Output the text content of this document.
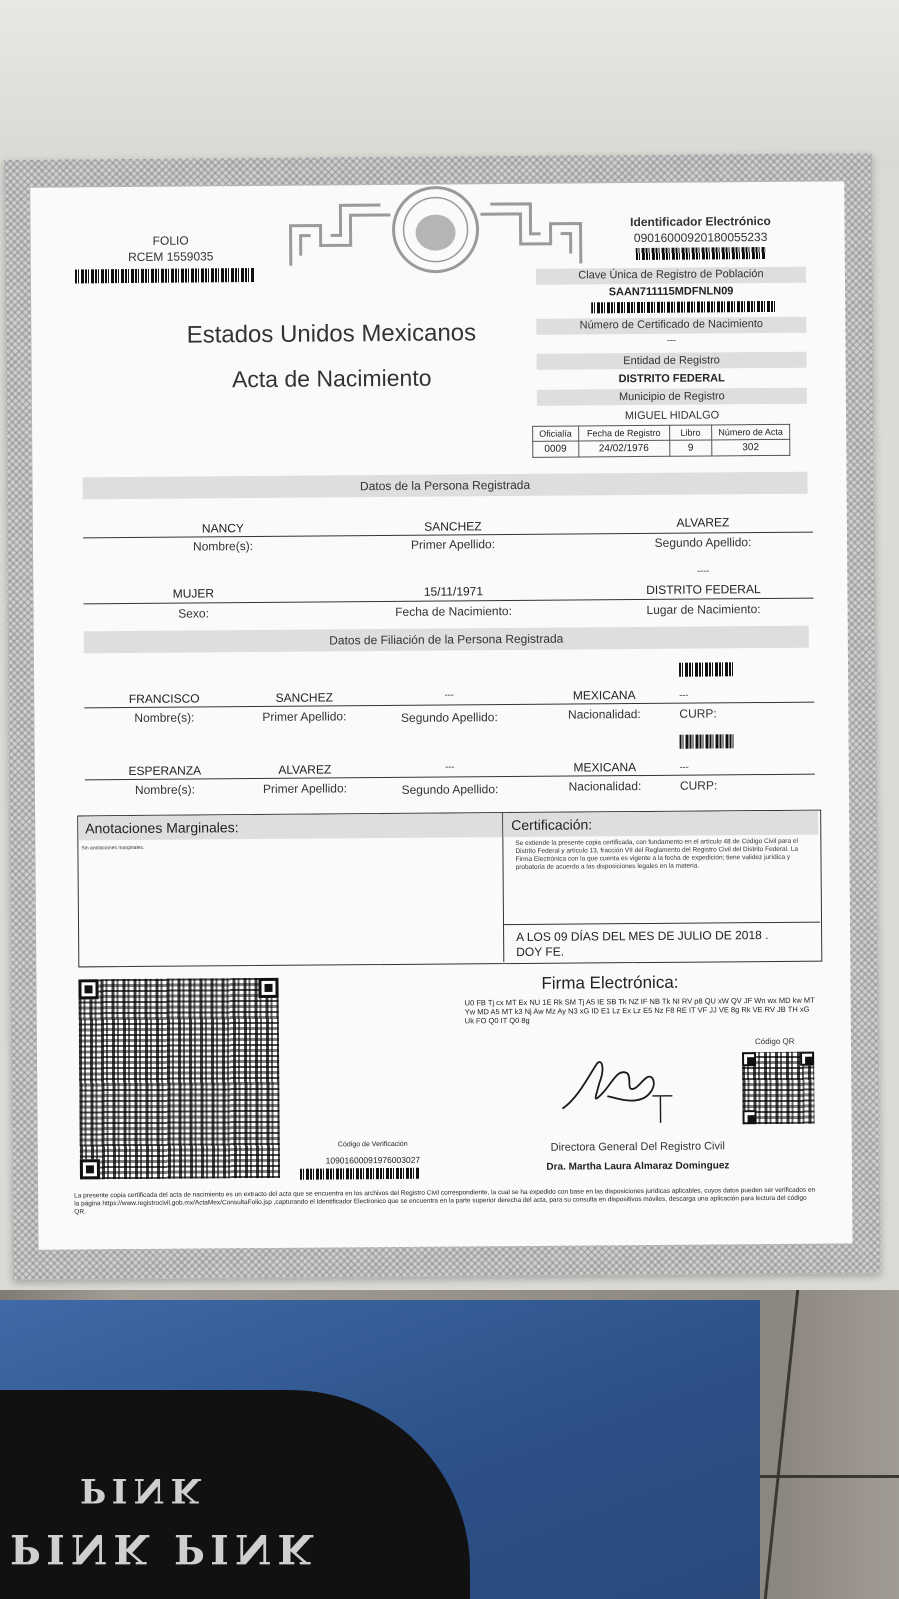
PINK
PINK PINK
FOLIO
RCEM 1559035
Estados Unidos Mexicanos
Acta de Nacimiento
Identificador Electrónico
09016000920180055233
Clave Única de Registro de Población
SAAN711115MDFNLN09
Número de Certificado de Nacimiento
---
Entidad de Registro
DISTRITO FEDERAL
Municipio de Registro
MIGUEL HIDALGO
Oficialía	Fecha de Registro	Libro	Número de Acta
0009	24/02/1976	9	302
Datos de la Persona Registrada
NANCY	SANCHEZ	ALVAREZ
Nombre(s):	Primer Apellido:	Segundo Apellido:
----
MUJER	15/11/1971	DISTRITO FEDERAL
Sexo:	Fecha de Nacimiento:	Lugar de Nacimiento:
Datos de Filiación de la Persona Registrada
FRANCISCO	SANCHEZ	---	MEXICANA
Nombre(s):	Primer Apellido:	Segundo Apellido:	Nacionalidad:
---
CURP:
ESPERANZA	ALVAREZ	---	MEXICANA
Nombre(s):	Primer Apellido:	Segundo Apellido:	Nacionalidad:
---
CURP:
Anotaciones Marginales:
Sin anotaciones marginales.
Certificación:
Se extiende la presente copia certificada, con fundamento en el artículo 48 de Código Civil para el Distrito Federal y artículo 13, fracción VII del Reglamento del Registro Civil del Distrito Federal. La Firma Electrónica con la que cuenta es vigente a la fecha de expedición; tiene validez jurídica y probatoria de acuerdo a las disposiciones legales en la materia.
A LOS 09 DÍAS DEL MES DE JULIO DE 2018 .
DOY FE.
Firma Electrónica:
U0 FB Tj cx MT Ex NU 1E Rk SM Tj A5 IE SB Tk NZ IF NB Tk NI RV p8 QU xW QV JF Wn wx MD kw MT Yw MD A5 MT k3 Nj Aw Mz Ay N3 xG ID E1 Lz Ex Lz E5 Nz F8 RE IT VF JJ VE 8g Rk VE RV JB TH xG Uk FO Q0 IT Q0 8g
Código QR
Código de Verificación
109016000919760030​27
Directora General Del Registro Civil
Dra. Martha Laura Almaraz Dominguez
La presente copia certificada del acta de nacimiento es un extracto del acta que se encuentra en los archivos del Registro Civil correspondiente, la cual se ha expedido con base en las disposiciones jurídicas aplicables, cuyos datos pueden ser verificados en la página https://www.registrocivil.gob.mx/ActaMex/ConsultaFolio.jsp ,capturando el Identificador Electronico que se encuentra en la parte superior derecha del acta, para su consulta en dispositivos móviles, descarga una aplicación para lectura del código QR.
